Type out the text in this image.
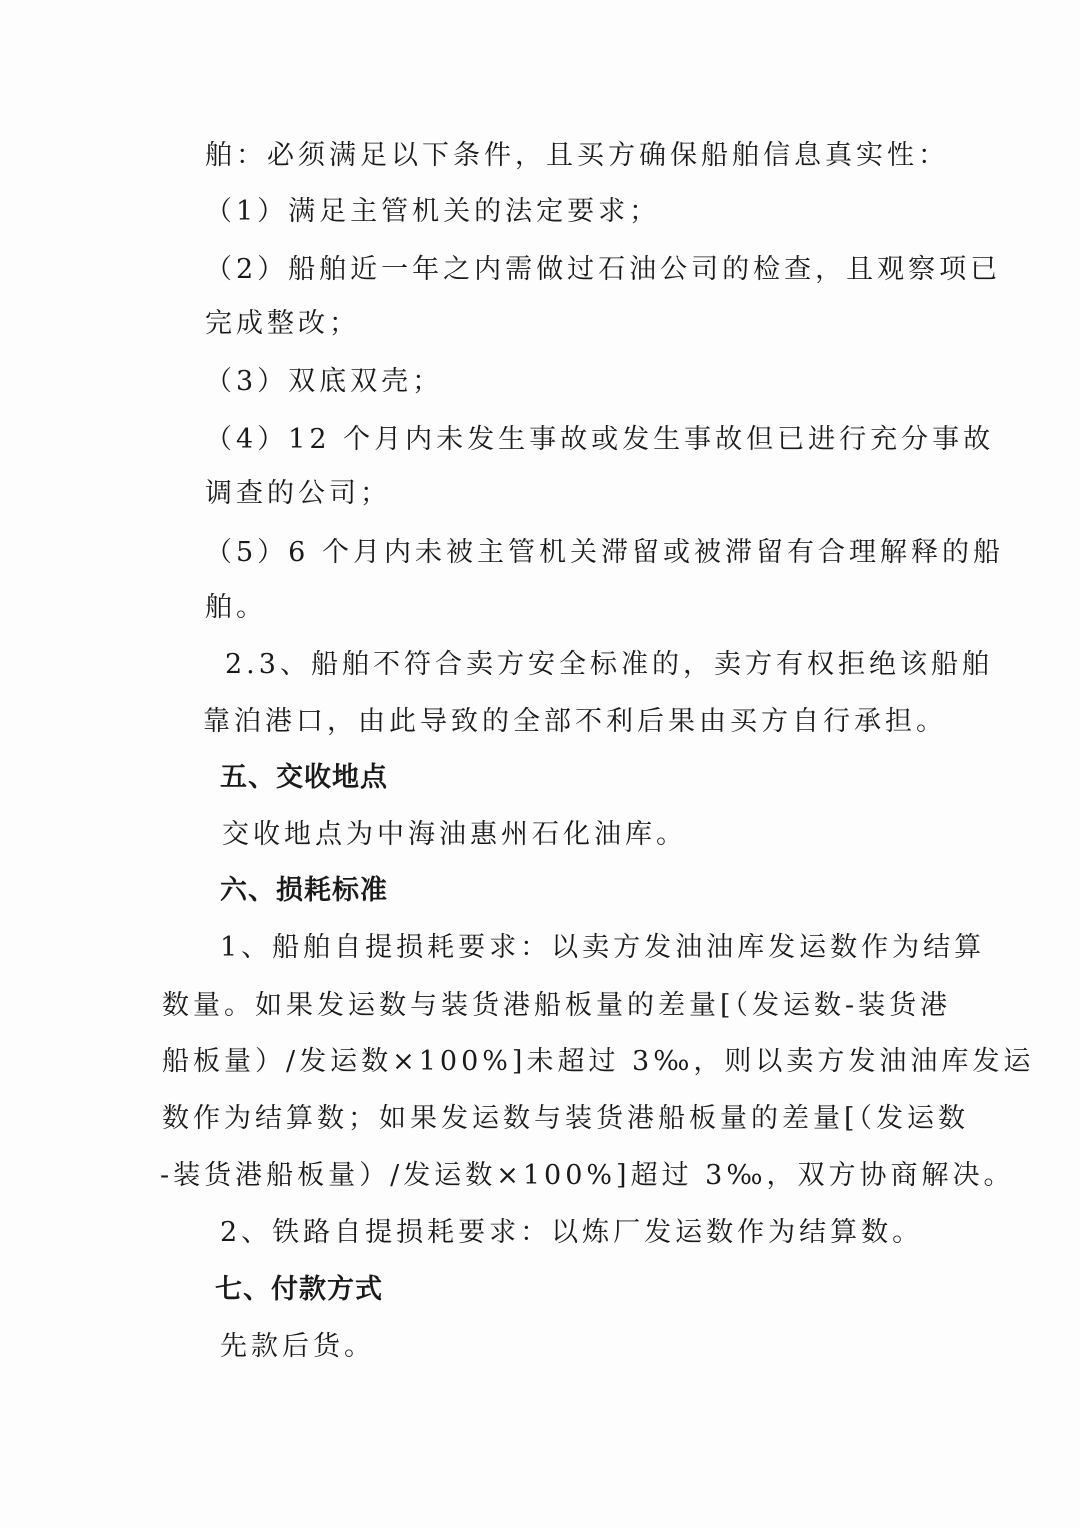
舶：必须满足以下条件，且买方确保船舶信息真实性：
（1）满足主管机关的法定要求；
（2）船舶近一年之内需做过石油公司的检查，且观察项已
完成整改；
（3）双底双壳；
（4）12 个月内未发生事故或发生事故但已进行充分事故
调查的公司；
（5）6 个月内未被主管机关滞留或被滞留有合理解释的船
舶。
2.3、船舶不符合卖方安全标准的，卖方有权拒绝该船舶
靠泊港口，由此导致的全部不利后果由买方自行承担。
五、交收地点
交收地点为中海油惠州石化油库。
六、损耗标准
1、船舶自提损耗要求：以卖方发油油库发运数作为结算
数量。如果发运数与装货港船板量的差量[（发运数-装货港
船板量）/发运数×100%]未超过 3‰，则以卖方发油油库发运
数作为结算数；如果发运数与装货港船板量的差量[（发运数
-装货港船板量）/发运数×100%]超过 3‰，双方协商解决。
2、铁路自提损耗要求：以炼厂发运数作为结算数。
七、付款方式
先款后货。
